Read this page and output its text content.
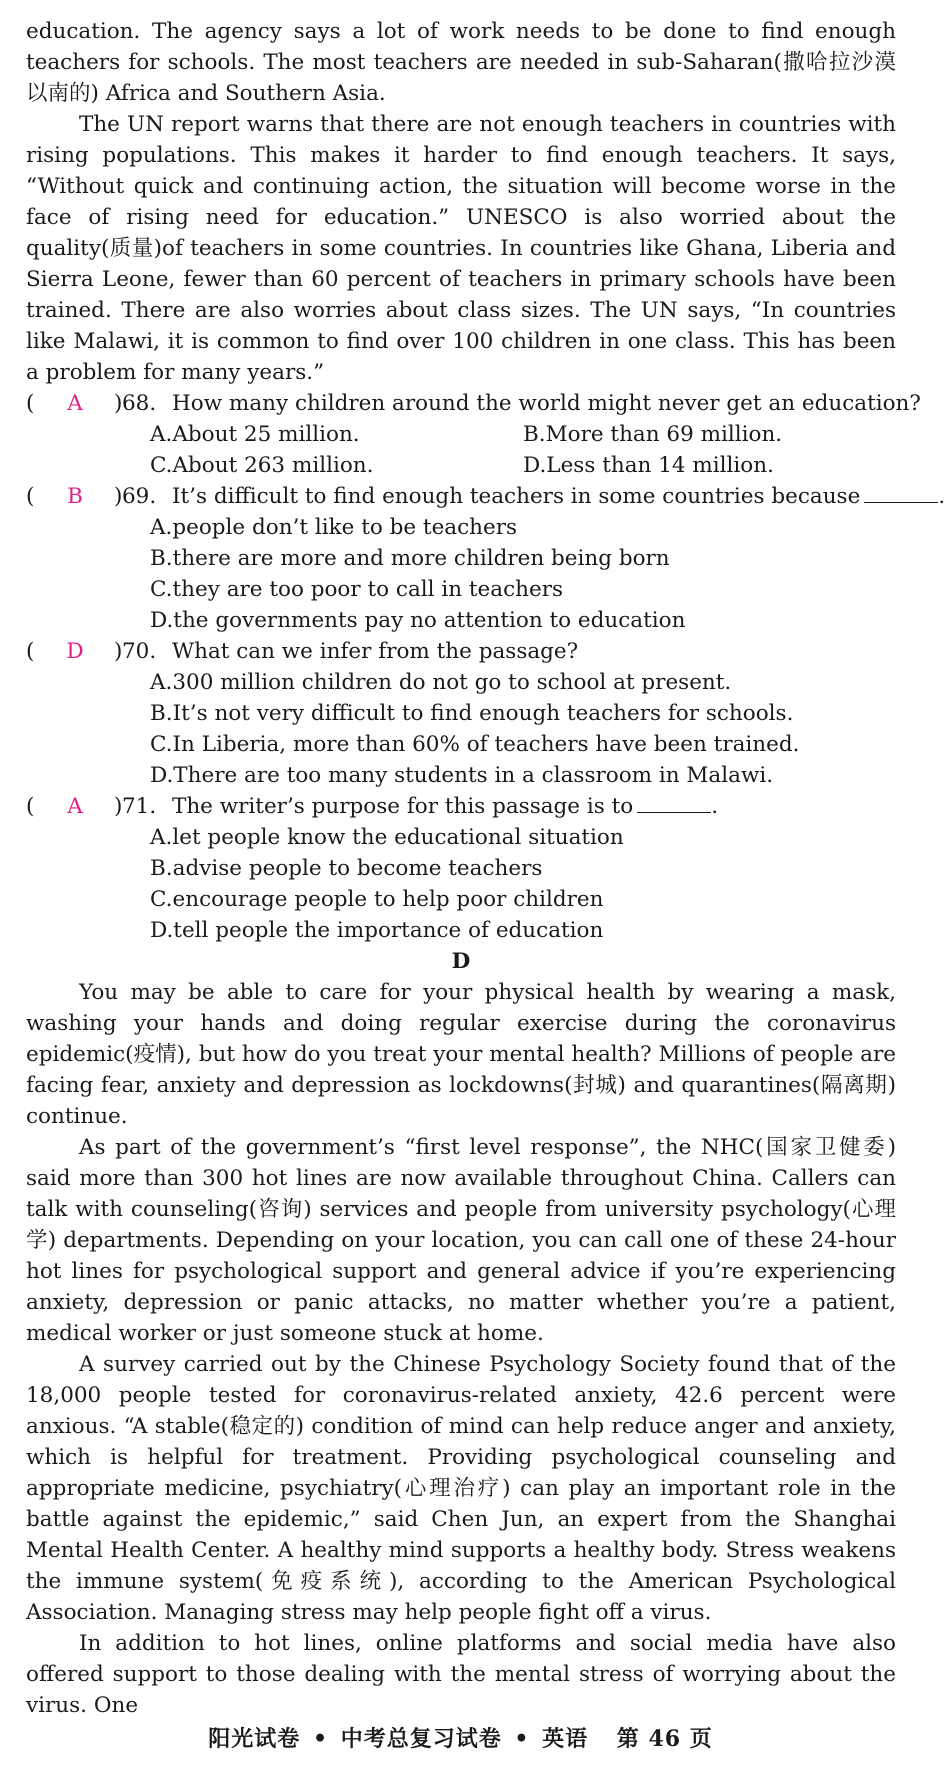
education. The agency says a lot of work needs to be done to find enough teachers for schools. The most teachers are needed in sub-Saharan(撒哈拉沙漠以南的) Africa and Southern Asia.

The UN report warns that there are not enough teachers in countries with rising populations. This makes it harder to find enough teachers. It says, “Without quick and continuing action, the situation will become worse in the face of rising need for education.” UNESCO is also worried about the quality(质量)of teachers in some countries. In countries like Ghana, Liberia and Sierra Leone, fewer than 60 percent of teachers in primary schools have been trained. There are also worries about class sizes. The UN says, “In countries like Malawi, it is common to find over 100 children in one class. This has been a problem for many years.”

(	A	) 68. How many children around the world might never get an education?
A.About 25 million.	B.More than 69 million.
C.About 263 million.	D.Less than 14 million.
(	B	) 69. It’s difficult to find enough teachers in some countries because	.
A.people don’t like to be teachers
B.there are more and more children being born
C.they are too poor to call in teachers
D.the governments pay no attention to education
( D ) 70. What can we infer from the passage?
A.300 million children do not go to school at present.
B.It’s not very difficult to find enough teachers for schools.
C.In Liberia, more than 60% of teachers have been trained.
D.There are too many students in a classroom in Malawi.
(	A	) 71. The writer’s purpose for this passage is to	.
A.let people know the educational situation
B.advise people to become teachers
C.encourage people to help poor children
D.tell people the importance of education

D

You may be able to care for your physical health by wearing a mask, washing your hands and doing regular exercise during the coronavirus epidemic(疫情), but how do you treat your mental health? Millions of people are facing fear, anxiety and depression as lockdowns(封城) and quarantines(隔离期) continue.

As part of the government’s “first level response”, the NHC(国家卫健委) said more than 300 hot lines are now available throughout China. Callers can talk with counseling(咨询) services and people from university psychology(心理学) departments. Depending on your location, you can call one of these 24-hour hot lines for psychological support and general advice if you’re experiencing anxiety, depression or panic attacks, no matter whether you’re a patient, medical worker or just someone stuck at home.

A survey carried out by the Chinese Psychology Society found that of the 18,000 people tested for coronavirus-related anxiety, 42.6 percent were anxious. “A stable(稳定的) condition of mind can help reduce anger and anxiety, which is helpful for treatment. Providing psychological counseling and appropriate medicine, psychiatry(心理治疗) can play an important role in the battle against the epidemic,” said Chen Jun, an expert from the Shanghai Mental Health Center. A healthy mind supports a healthy body. Stress weakens the immune system(免疫系统), according to the American Psychological Association. Managing stress may help people fight off a virus.

In addition to hot lines, online platforms and social media have also offered support to those dealing with the mental stress of worrying about the virus. One

阳光试卷 • 中考总复习试卷 • 英语 第 46 页
